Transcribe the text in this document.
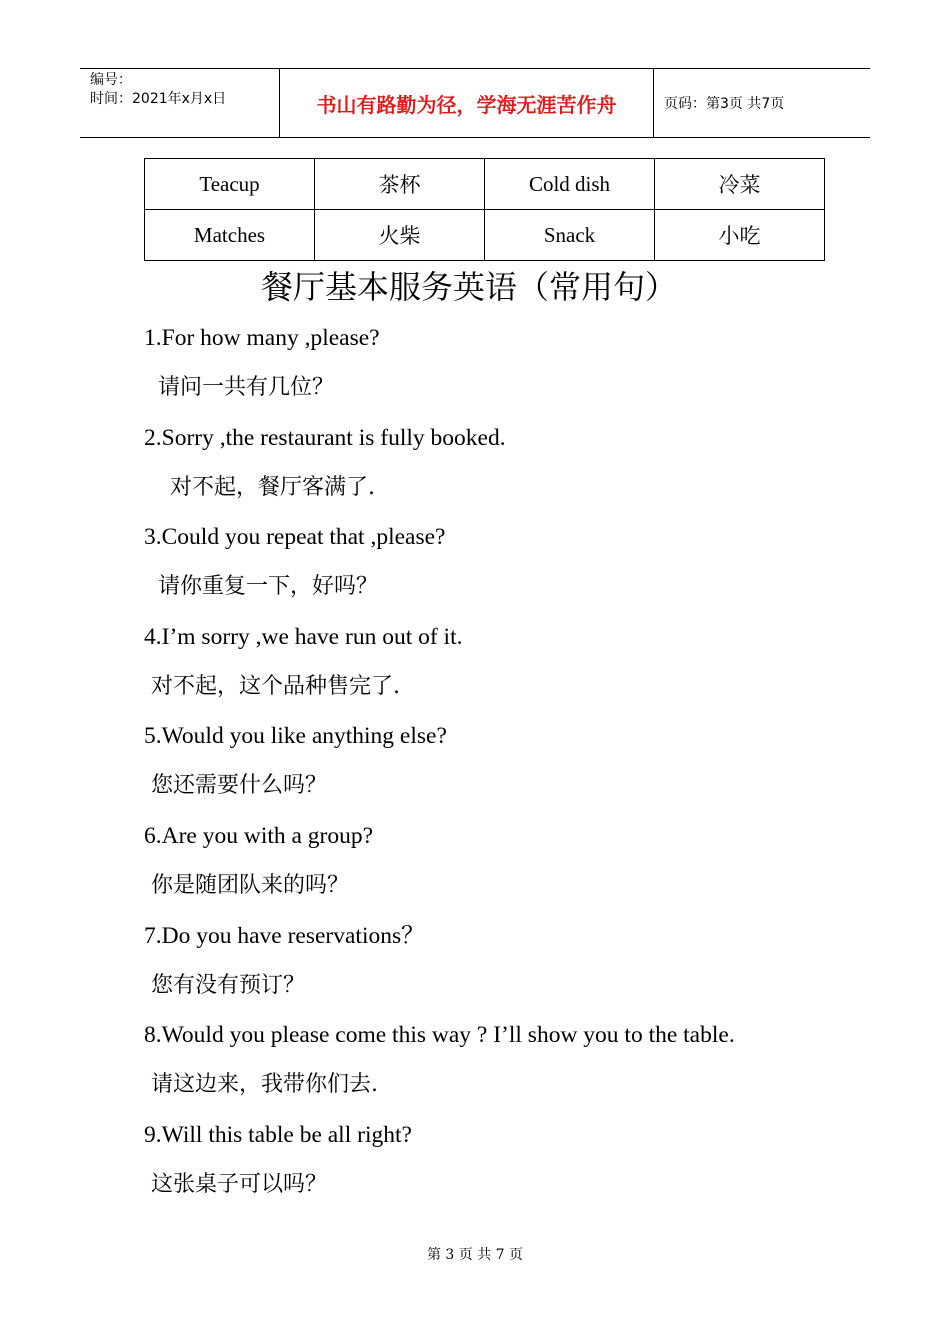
编号：
时间：2021年x月x日	书山有路勤为径，学海无涯苦作舟	页码：第3页 共7页
Teacup	茶杯	Cold dish	冷菜
Matches	火柴	Snack	小吃
餐厅基本服务英语（常用句）
1.For how many ,please?
请问一共有几位？
2.Sorry ,the restaurant is fully booked.
对不起，餐厅客满了.
3.Could you repeat that ,please?
请你重复一下，好吗？
4.I’m sorry ,we have run out of it.
对不起，这个品种售完了.
5.Would you like anything else?
您还需要什么吗？
6.Are you with a group?
你是随团队来的吗？
7.Do you have reservations？
您有没有预订？
8.Would you please come this way ? I’ll show you to the table.
请这边来，我带你们去.
9.Will this table be all right?
这张桌子可以吗？
第 3 页 共 7 页
